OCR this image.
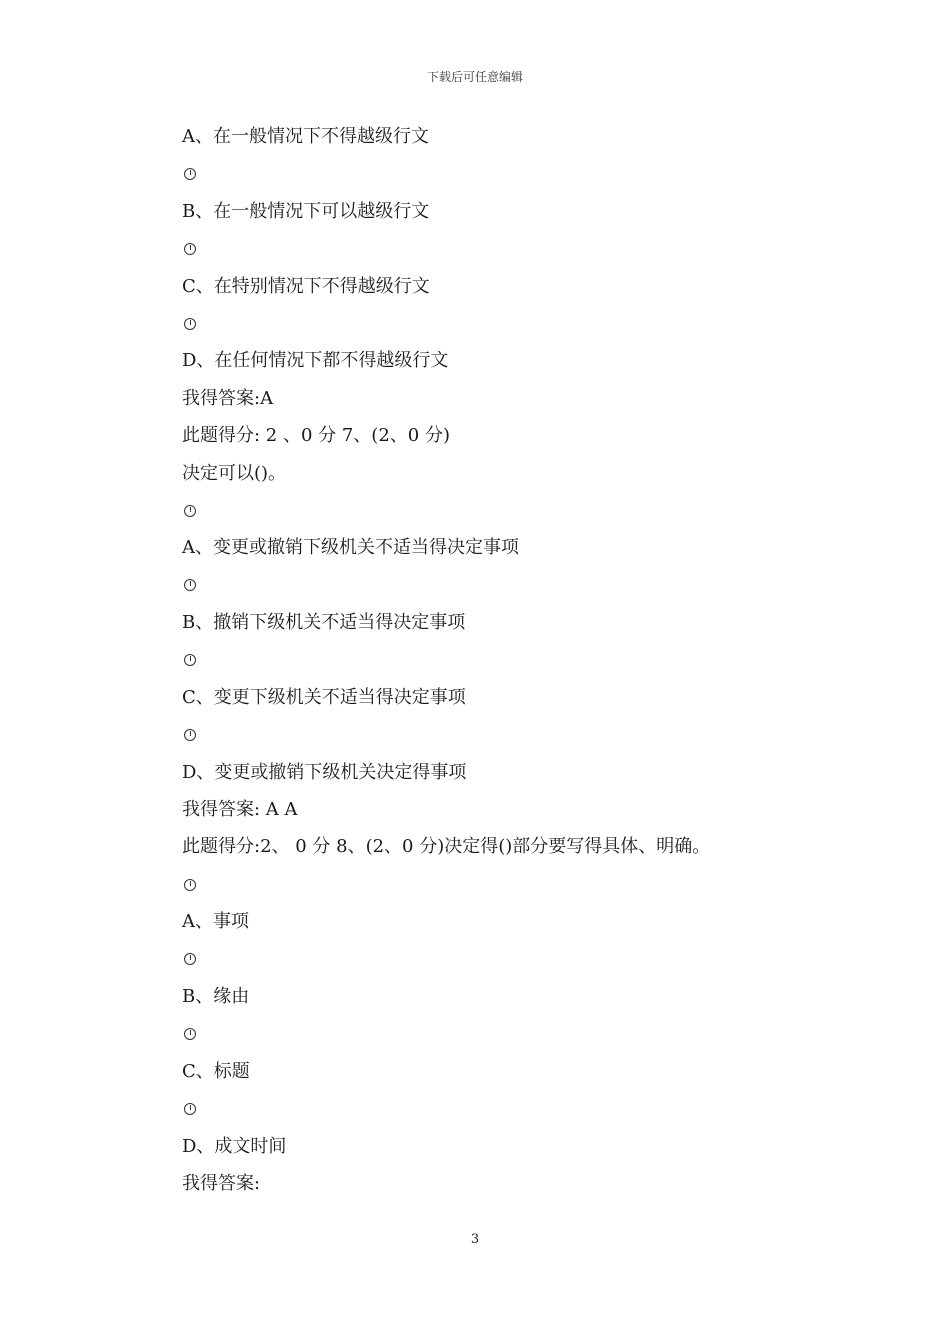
下载后可任意编辑
A、在一般情况下不得越级行文
B、在一般情况下可以越级行文
C、在特别情况下不得越级行文
D、在任何情况下都不得越级行文
我得答案:A
此题得分: 2 、0 分 7、(2、0 分)
决定可以()。
A、变更或撤销下级机关不适当得决定事项
B、撤销下级机关不适当得决定事项
C、变更下级机关不适当得决定事项
D、变更或撤销下级机关决定得事项
我得答案: A A
此题得分:2、 0 分 8、(2、0 分)决定得()部分要写得具体、明确。
A、事项
B、缘由
C、标题
D、成文时间
我得答案:
3
